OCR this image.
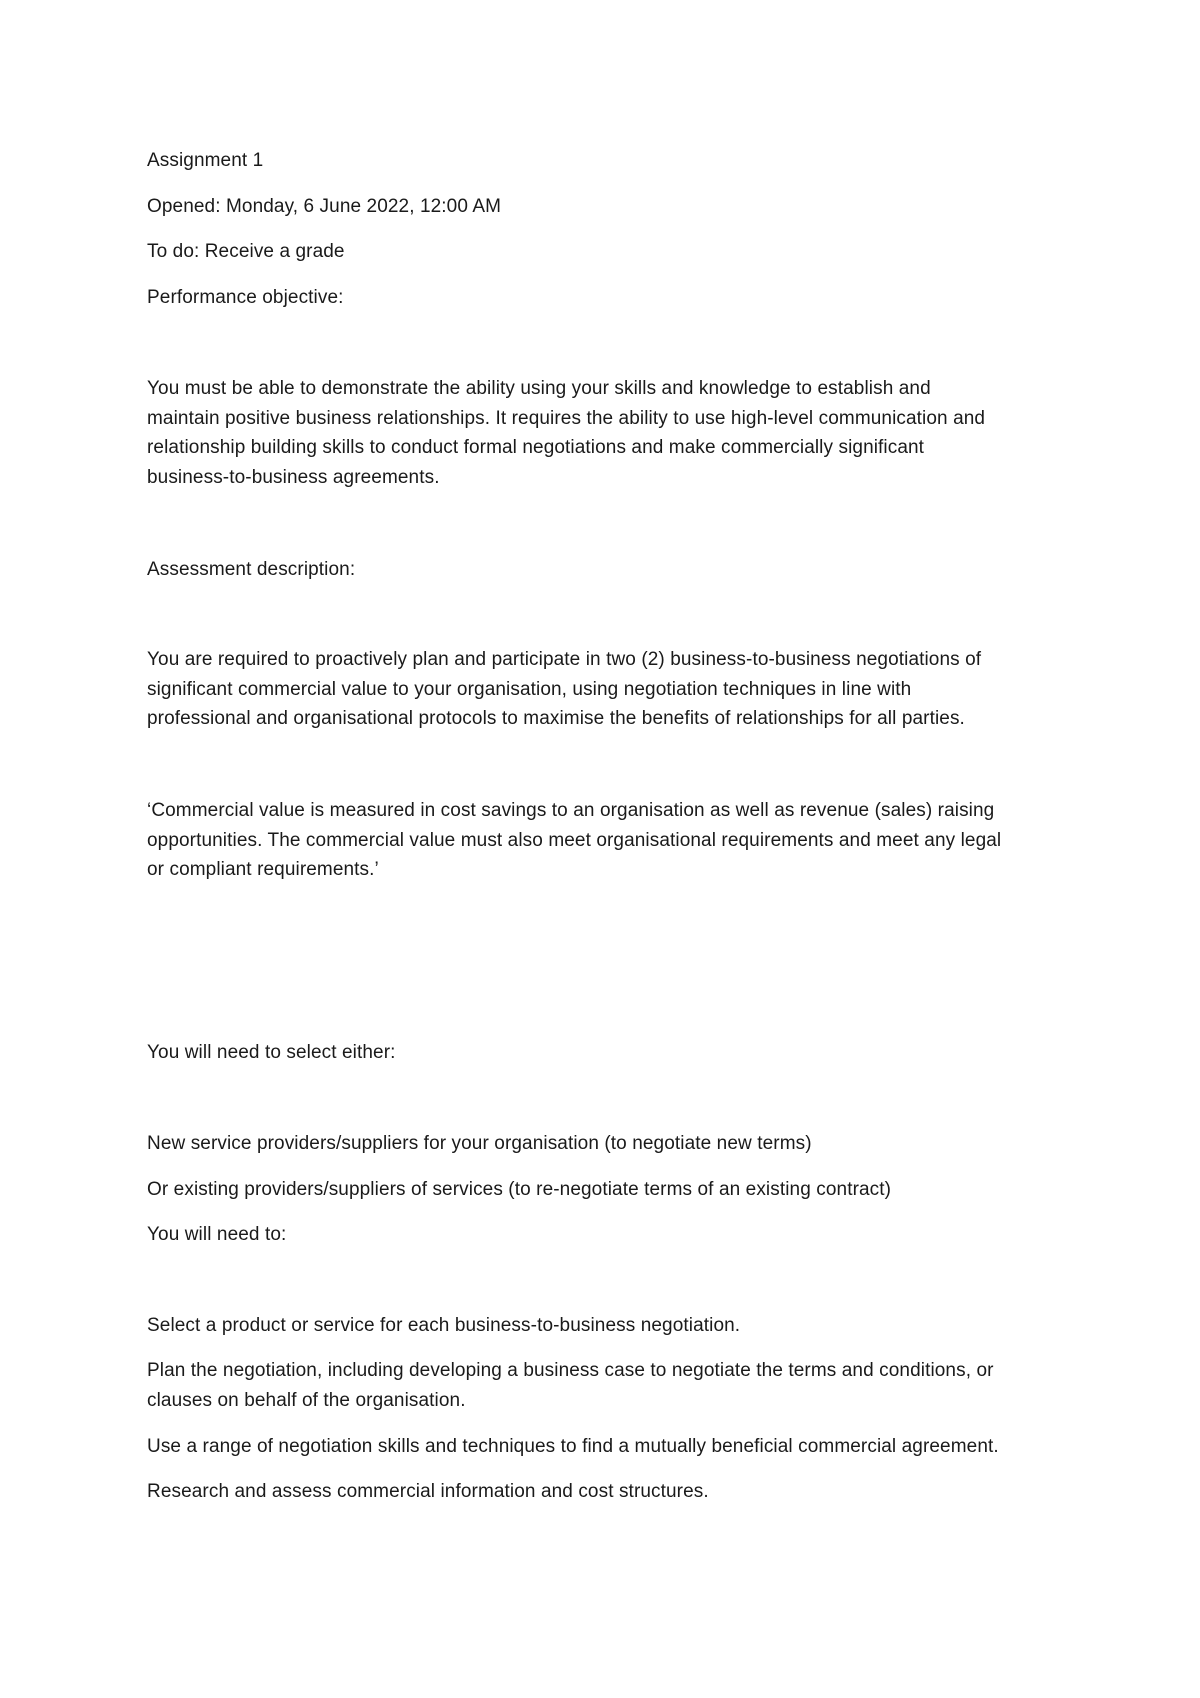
Assignment 1

Opened: Monday, 6 June 2022, 12:00 AM

To do: Receive a grade

Performance objective:

You must be able to demonstrate the ability using your skills and knowledge to establish and
maintain positive business relationships. It requires the ability to use high-level communication and
relationship building skills to conduct formal negotiations and make commercially significant
business-to-business agreements.

Assessment description:

You are required to proactively plan and participate in two (2) business-to-business negotiations of
significant commercial value to your organisation, using negotiation techniques in line with
professional and organisational protocols to maximise the benefits of relationships for all parties.
‘Commercial value is measured in cost savings to an organisation as well as revenue (sales) raising
opportunities. The commercial value must also meet organisational requirements and meet any legal
or compliant requirements.’

You will need to select either:

New service providers/suppliers for your organisation (to negotiate new terms)

Or existing providers/suppliers of services (to re-negotiate terms of an existing contract)

You will need to:

Select a product or service for each business-to-business negotiation.

Plan the negotiation, including developing a business case to negotiate the terms and conditions, or
clauses on behalf of the organisation.

Use a range of negotiation skills and techniques to find a mutually beneficial commercial agreement.

Research and assess commercial information and cost structures.
